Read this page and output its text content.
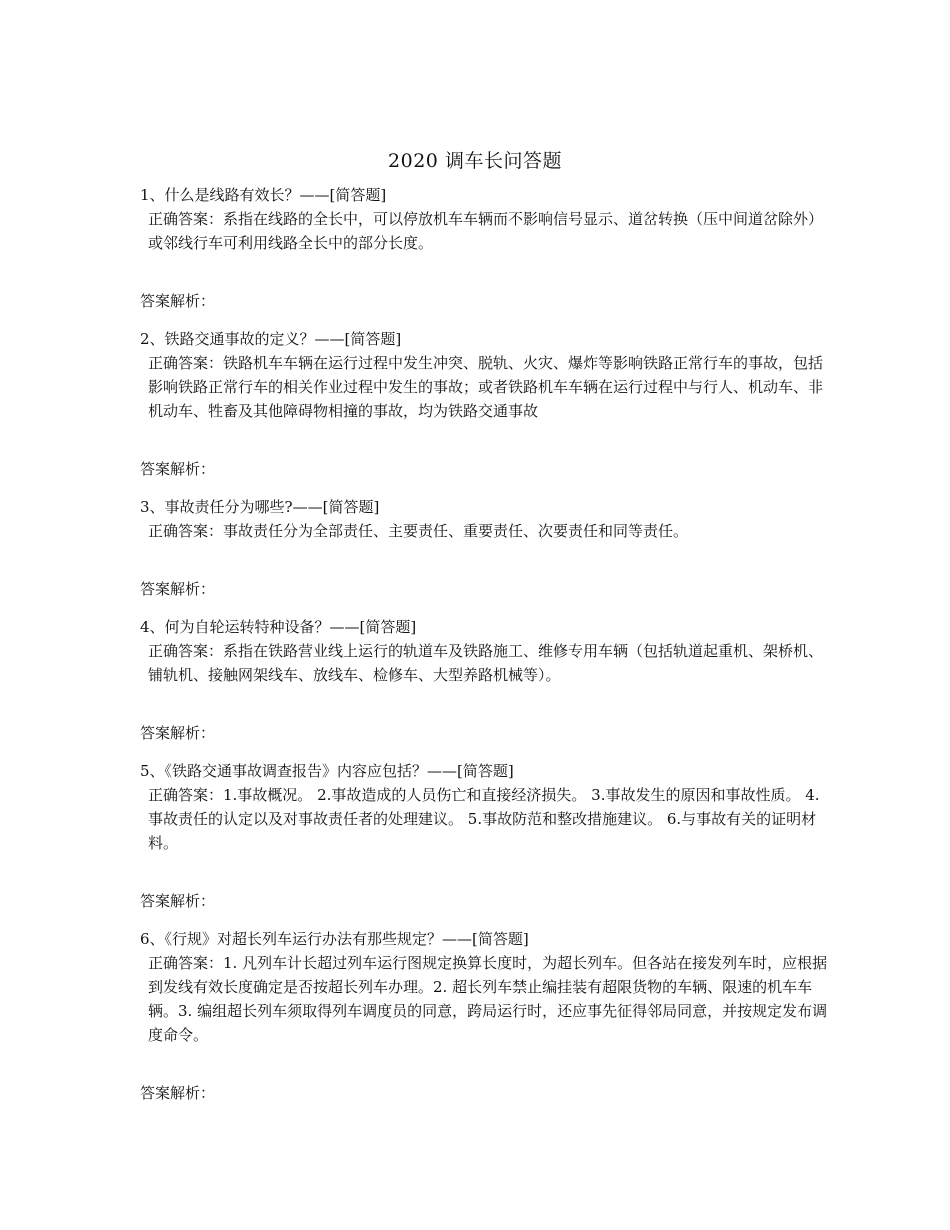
2020 调车长问答题

1、什么是线路有效长？——[简答题]

正确答案：系指在线路的全长中，可以停放机车车辆而不影响信号显示、道岔转换（压中间道岔除外）或邻线行车可利用线路全长中的部分长度。

答案解析：

2、铁路交通事故的定义？——[简答题]

正确答案：铁路机车车辆在运行过程中发生冲突、脱轨、火灾、爆炸等影响铁路正常行车的事故，包括影响铁路正常行车的相关作业过程中发生的事故；或者铁路机车车辆在运行过程中与行人、机动车、非机动车、牲畜及其他障碍物相撞的事故，均为铁路交通事故

答案解析：

3、事故责任分为哪些?——[简答题]

正确答案：事故责任分为全部责任、主要责任、重要责任、次要责任和同等责任。

答案解析：

4、何为自轮运转特种设备？——[简答题]

正确答案：系指在铁路营业线上运行的轨道车及铁路施工、维修专用车辆（包括轨道起重机、架桥机、铺轨机、接触网架线车、放线车、检修车、大型养路机械等）。

答案解析：

5、《铁路交通事故调查报告》内容应包括？——[简答题]

正确答案：1.事故概况。 2.事故造成的人员伤亡和直接经济损失。 3.事故发生的原因和事故性质。 4.事故责任的认定以及对事故责任者的处理建议。 5.事故防范和整改措施建议。 6.与事故有关的证明材料。

答案解析：

6、《行规》对超长列车运行办法有那些规定？——[简答题]

正确答案：1. 凡列车计长超过列车运行图规定换算长度时，为超长列车。但各站在接发列车时，应根据到发线有效长度确定是否按超长列车办理。2. 超长列车禁止编挂装有超限货物的车辆、限速的机车车辆。3. 编组超长列车须取得列车调度员的同意，跨局运行时，还应事先征得邻局同意，并按规定发布调度命令。

答案解析：
